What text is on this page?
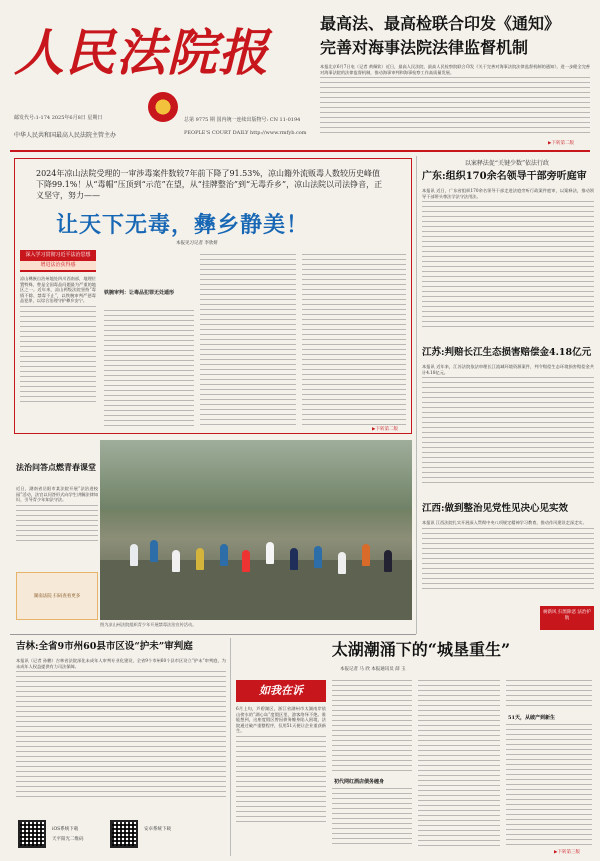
人民法院报
邮发代号:1-174 2025年6月8日 星期日
中华人民共和国最高人民法院主管主办
总第 9775 期 国内统一连续出版物号: CN 11-0194
PEOPLE'S COURT DAILY http://www.rmfyb.com
最高法、最高检联合印发《通知》
完善对海事法院法律监督机制
本报北京6月7日电（记者 黄佩钦）近日，最高人民法院、最高人民检察院联合印发《关于完善对海事法院法律监督机制的通知》，进一步健全完善对海事法院的法律监督机制，推动海事审判和海事检察工作高质量发展。
▶下转第二版
2024年凉山法院受理的一审涉毒案件数较7年前下降了91.53%，凉山籍外流贩毒人数较历史峰值下降99.1%！从“毒帽”压顶到“示范”在望，从“挂牌整治”到“无毒乔乡”，凉山法院以司法铮音，正义坚守，努力——
让天下无毒，彝乡静美！
本报见习记者 李欣妍
深入学习贯彻习近平法治思想
增进法治获得感
凉山彝族自治州地处四川西南部，地理位置特殊，曾是全国毒品问题最为严重的地区之一。近年来，凉山两级法院坚持“毒情不除、禁毒不止”，以铁腕审判严惩毒品犯罪，以综合治理守护彝乡安宁。
铁腕审判：让毒品犯罪无处遁形
▶下转第二版
图为凉山州法院组织青少年开展禁毒法治宣传活动。
法治问答点燃青春课堂
近日，湖南省岳阳市某法院开展“法治进校园”活动，法官以问答形式向学生讲解法律知识，引导青少年知法守法。
湖南法院 扫码查看更多
以案释法促“关键少数”依法行政
广东:组织170余名领导干部旁听庭审
本报讯 近日，广东省组织170余名领导干部走进法庭旁听行政案件庭审，以案释法，推动领导干部带头尊法学法守法用法。
江苏:判赔长江生态损害赔偿金4.18亿元
本报讯 近年来，江苏法院依法审理长江流域环境资源案件，判令赔偿生态环境损害赔偿金共计4.18亿元。
江西:做到整治见党性见决心见实效
本报讯 江西法院扎实开展深入贯彻中央八项规定精神学习教育，推动作风建设走深走实。
树新风 扫黑除恶 法治护航
吉林:全省9市州60县市区设“护未”审判庭
本报讯（记者 孙鹏）吉林省法院深化未成年人审判专业化建设，全省9个市州60个县市区设立“护未”审判庭，为未成年人权益提供有力司法保障。
iOS系统下载
天平阳光二维码
安卓系统下载
太湖潮涌下的“城垦重生”
本报记者 马 欣 本报通讯员 薛 玉
如我在诉
6月上旬，芦碧湖区，浙江省湖州市太湖南岸依山傍水的“湖心岛”度假区里，游客络绎不绝。谁能想到，这座度假区曾因债务缠身陷入困境，法院通过破产重整程序，仅用51天便让企业重获新生。
初代网红酒店债务缠身
51天，从破产到新生
▶下转第三版
